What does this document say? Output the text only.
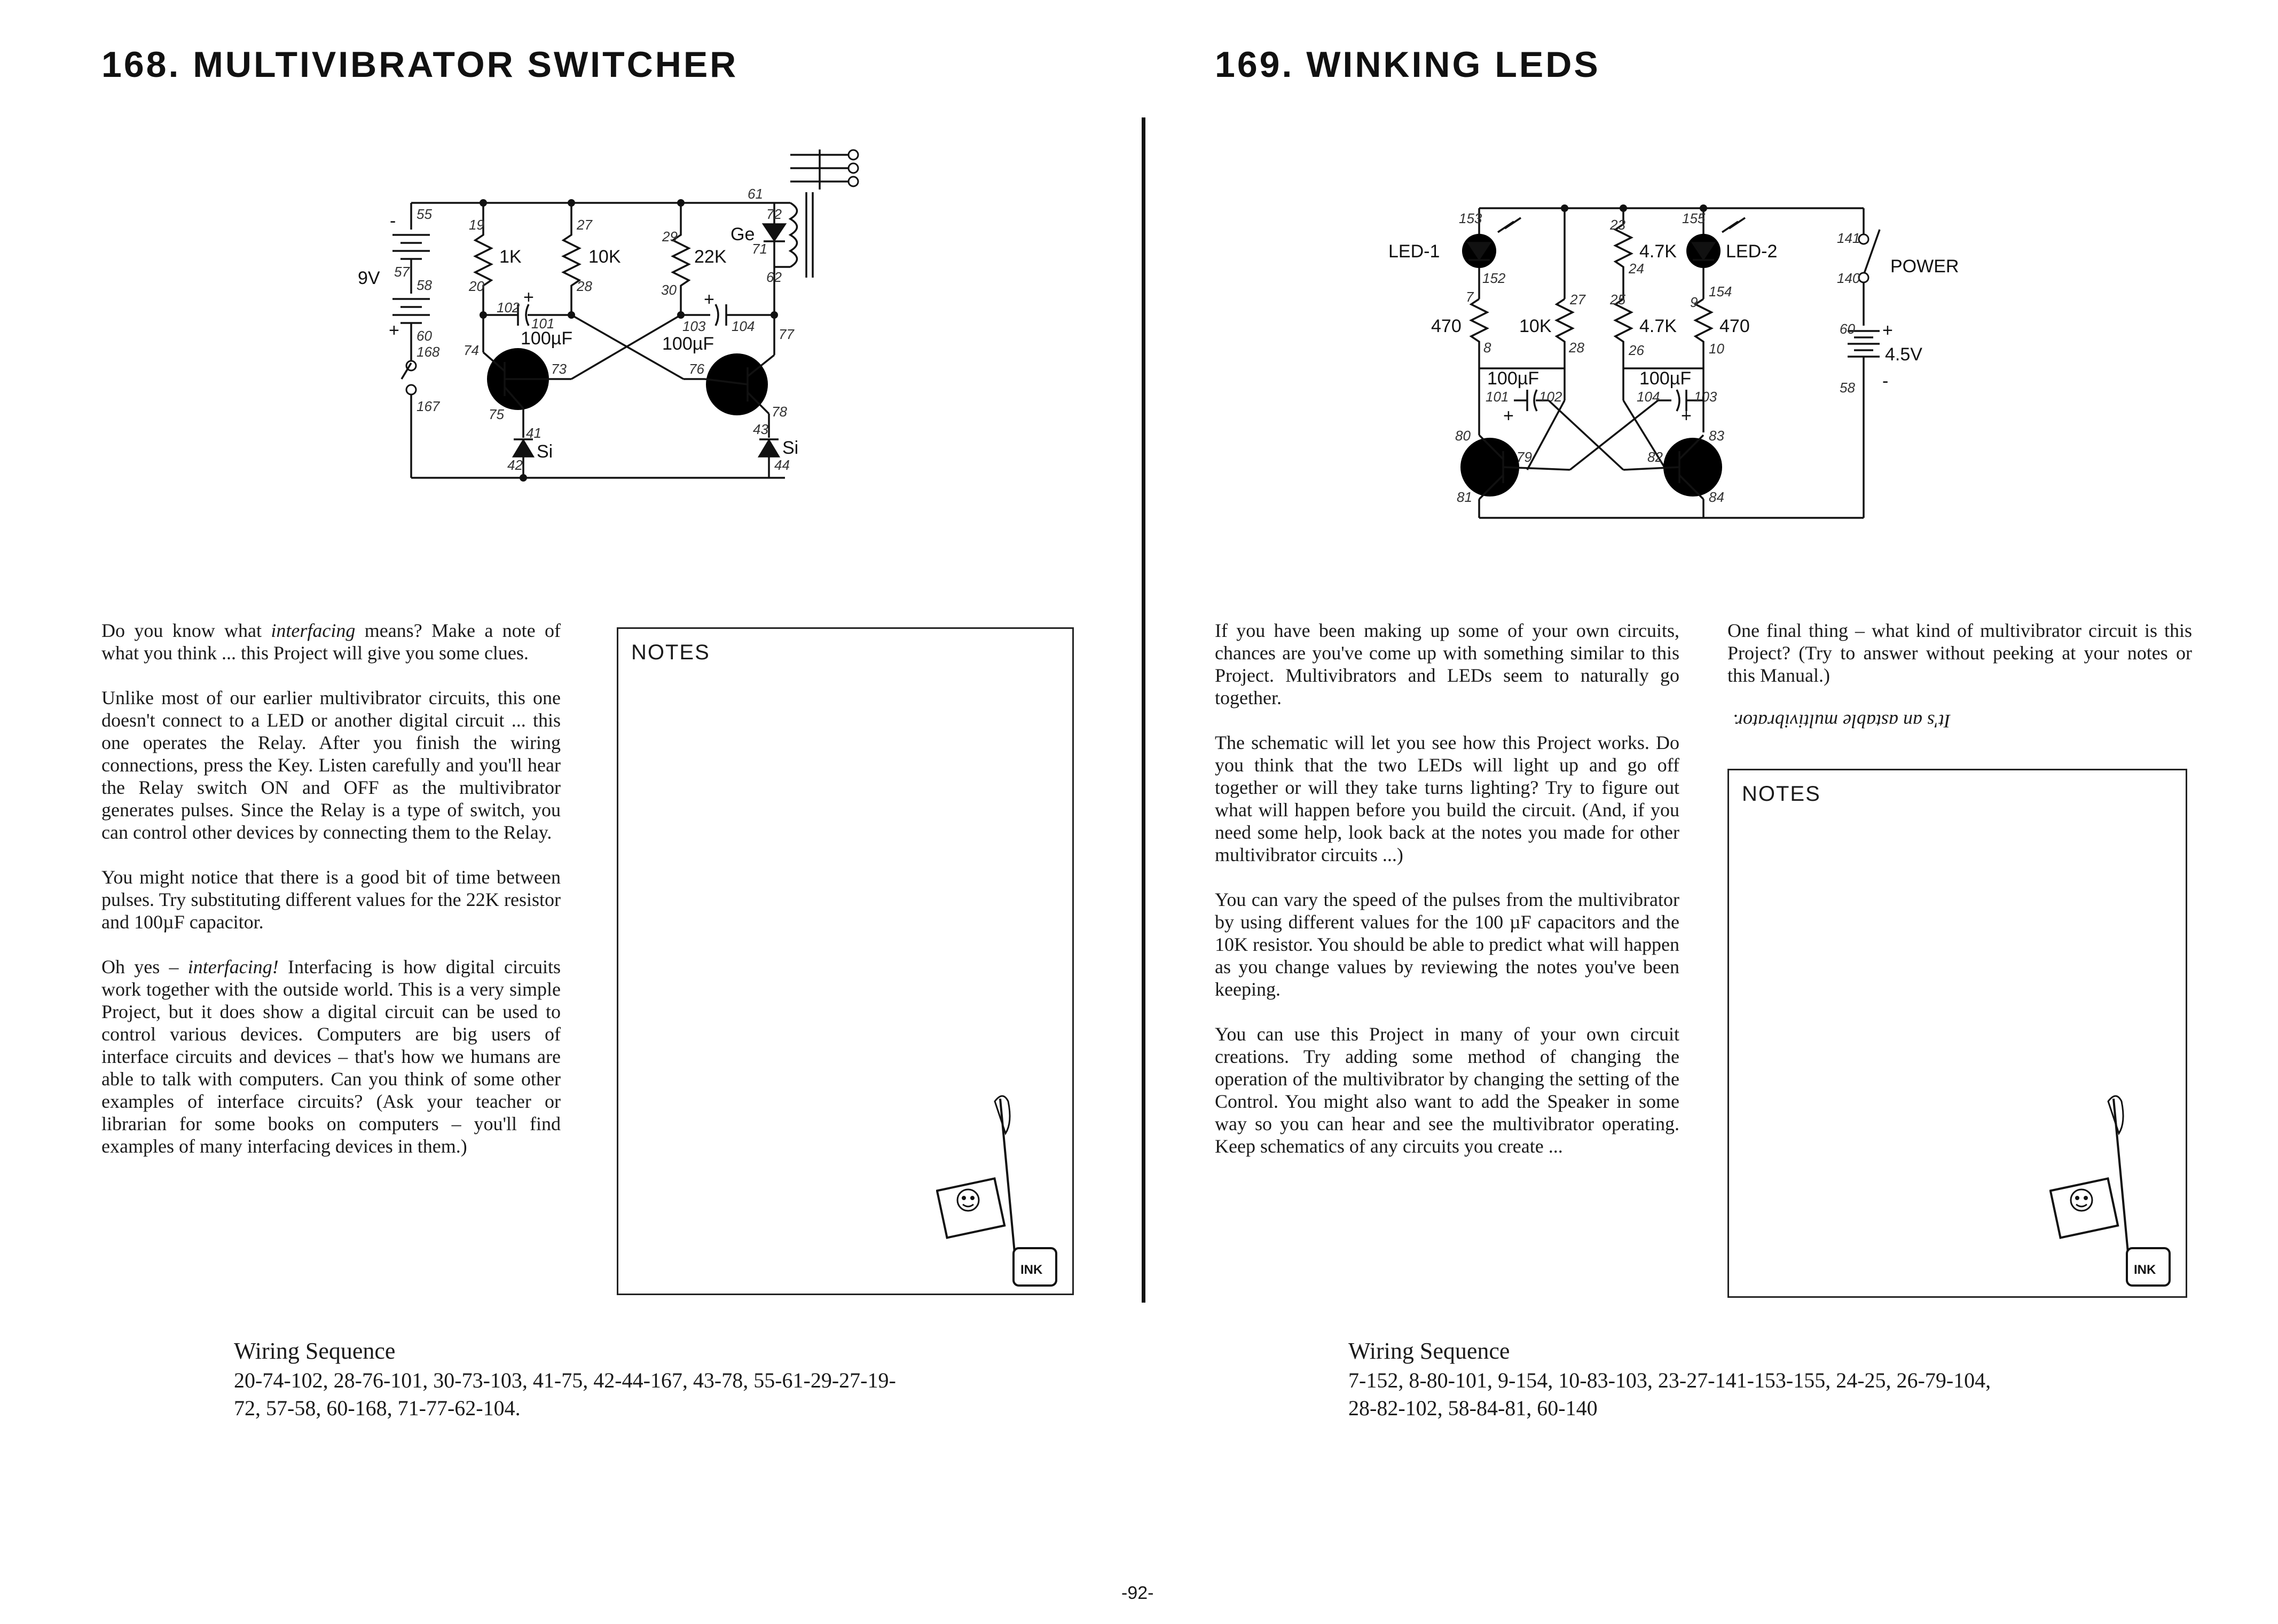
168. MULTIVIBRATOR SWITCHER
9V
-
+
55
57
58
60
168
167
1K
19
20
10K
27
28
22K
29
30
Ge
61
72
71
62
+
100µF
102
101
+
100µF
103 104
74
73
75
Si
41
42
76
77
78
Si
43
44

Do you know what interfacing means? Make a note of what you think ... this Project will give you some clues.

Unlike most of our earlier multivibrator circuits, this one doesn't connect to a LED or another digital circuit ... this one operates the Relay. After you finish the wiring connections, press the Key. Listen carefully and you'll hear the Relay switch ON and OFF as the multivibrator generates pulses. Since the Relay is a type of switch, you can control other devices by connecting them to the Relay.

You might notice that there is a good bit of time between pulses. Try substituting different values for the 22K resistor and 100µF capacitor.

Oh yes – interfacing! Interfacing is how digital circuits work together with the outside world. This is a very simple Project, but it does show a digital circuit can be used to control various devices. Computers are big users of interface circuits and devices – that's how we humans are able to talk with computers. Can you think of some other examples of interface circuits? (Ask your teacher or librarian for some books on computers – you'll find examples of many interfacing devices in them.)

NOTES
INK
Wiring Sequence
20-74-102, 28-76-101, 30-73-103, 41-75, 42-44-167, 43-78, 55-61-29-27-19-
72, 57-58, 60-168, 71-77-62-104.
169. WINKING LEDS
LED-1
153
152
470
7
8
10K
27
28
4.7K
23
24
4.7K
25
26
LED-2
155
154
470
9
10
100µF
+
101 102
100µF
+
104 103
80
79
81
82
83
84
POWER
141
140
4.5V
+
-
60
58

If you have been making up some of your own circuits, chances are you've come up with something similar to this Project. Multivibrators and LEDs seem to naturally go together.

The schematic will let you see how this Project works. Do you think that the two LEDs will light up and go off together or will they take turns lighting? Try to figure out what will happen before you build the circuit. (And, if you need some help, look back at the notes you made for other multivibrator circuits ...)

You can vary the speed of the pulses from the multivibrator by using different values for the 100 µF capacitors and the 10K resistor. You should be able to predict what will happen as you change values by reviewing the notes you've been keeping.

You can use this Project in many of your own circuit creations. Try adding some method of changing the operation of the multivibrator by changing the setting of the Control. You might also want to add the Speaker in some way so you can hear and see the multivibrator operating. Keep schematics of any circuits you create ...

One final thing – what kind of multivibrator circuit is this Project? (Try to answer without peeking at your notes or this Manual.)

It's an astable multivibrator.
NOTES
INK
Wiring Sequence
7-152, 8-80-101, 9-154, 10-83-103, 23-27-141-153-155, 24-25, 26-79-104,
28-82-102, 58-84-81, 60-140
-92-
